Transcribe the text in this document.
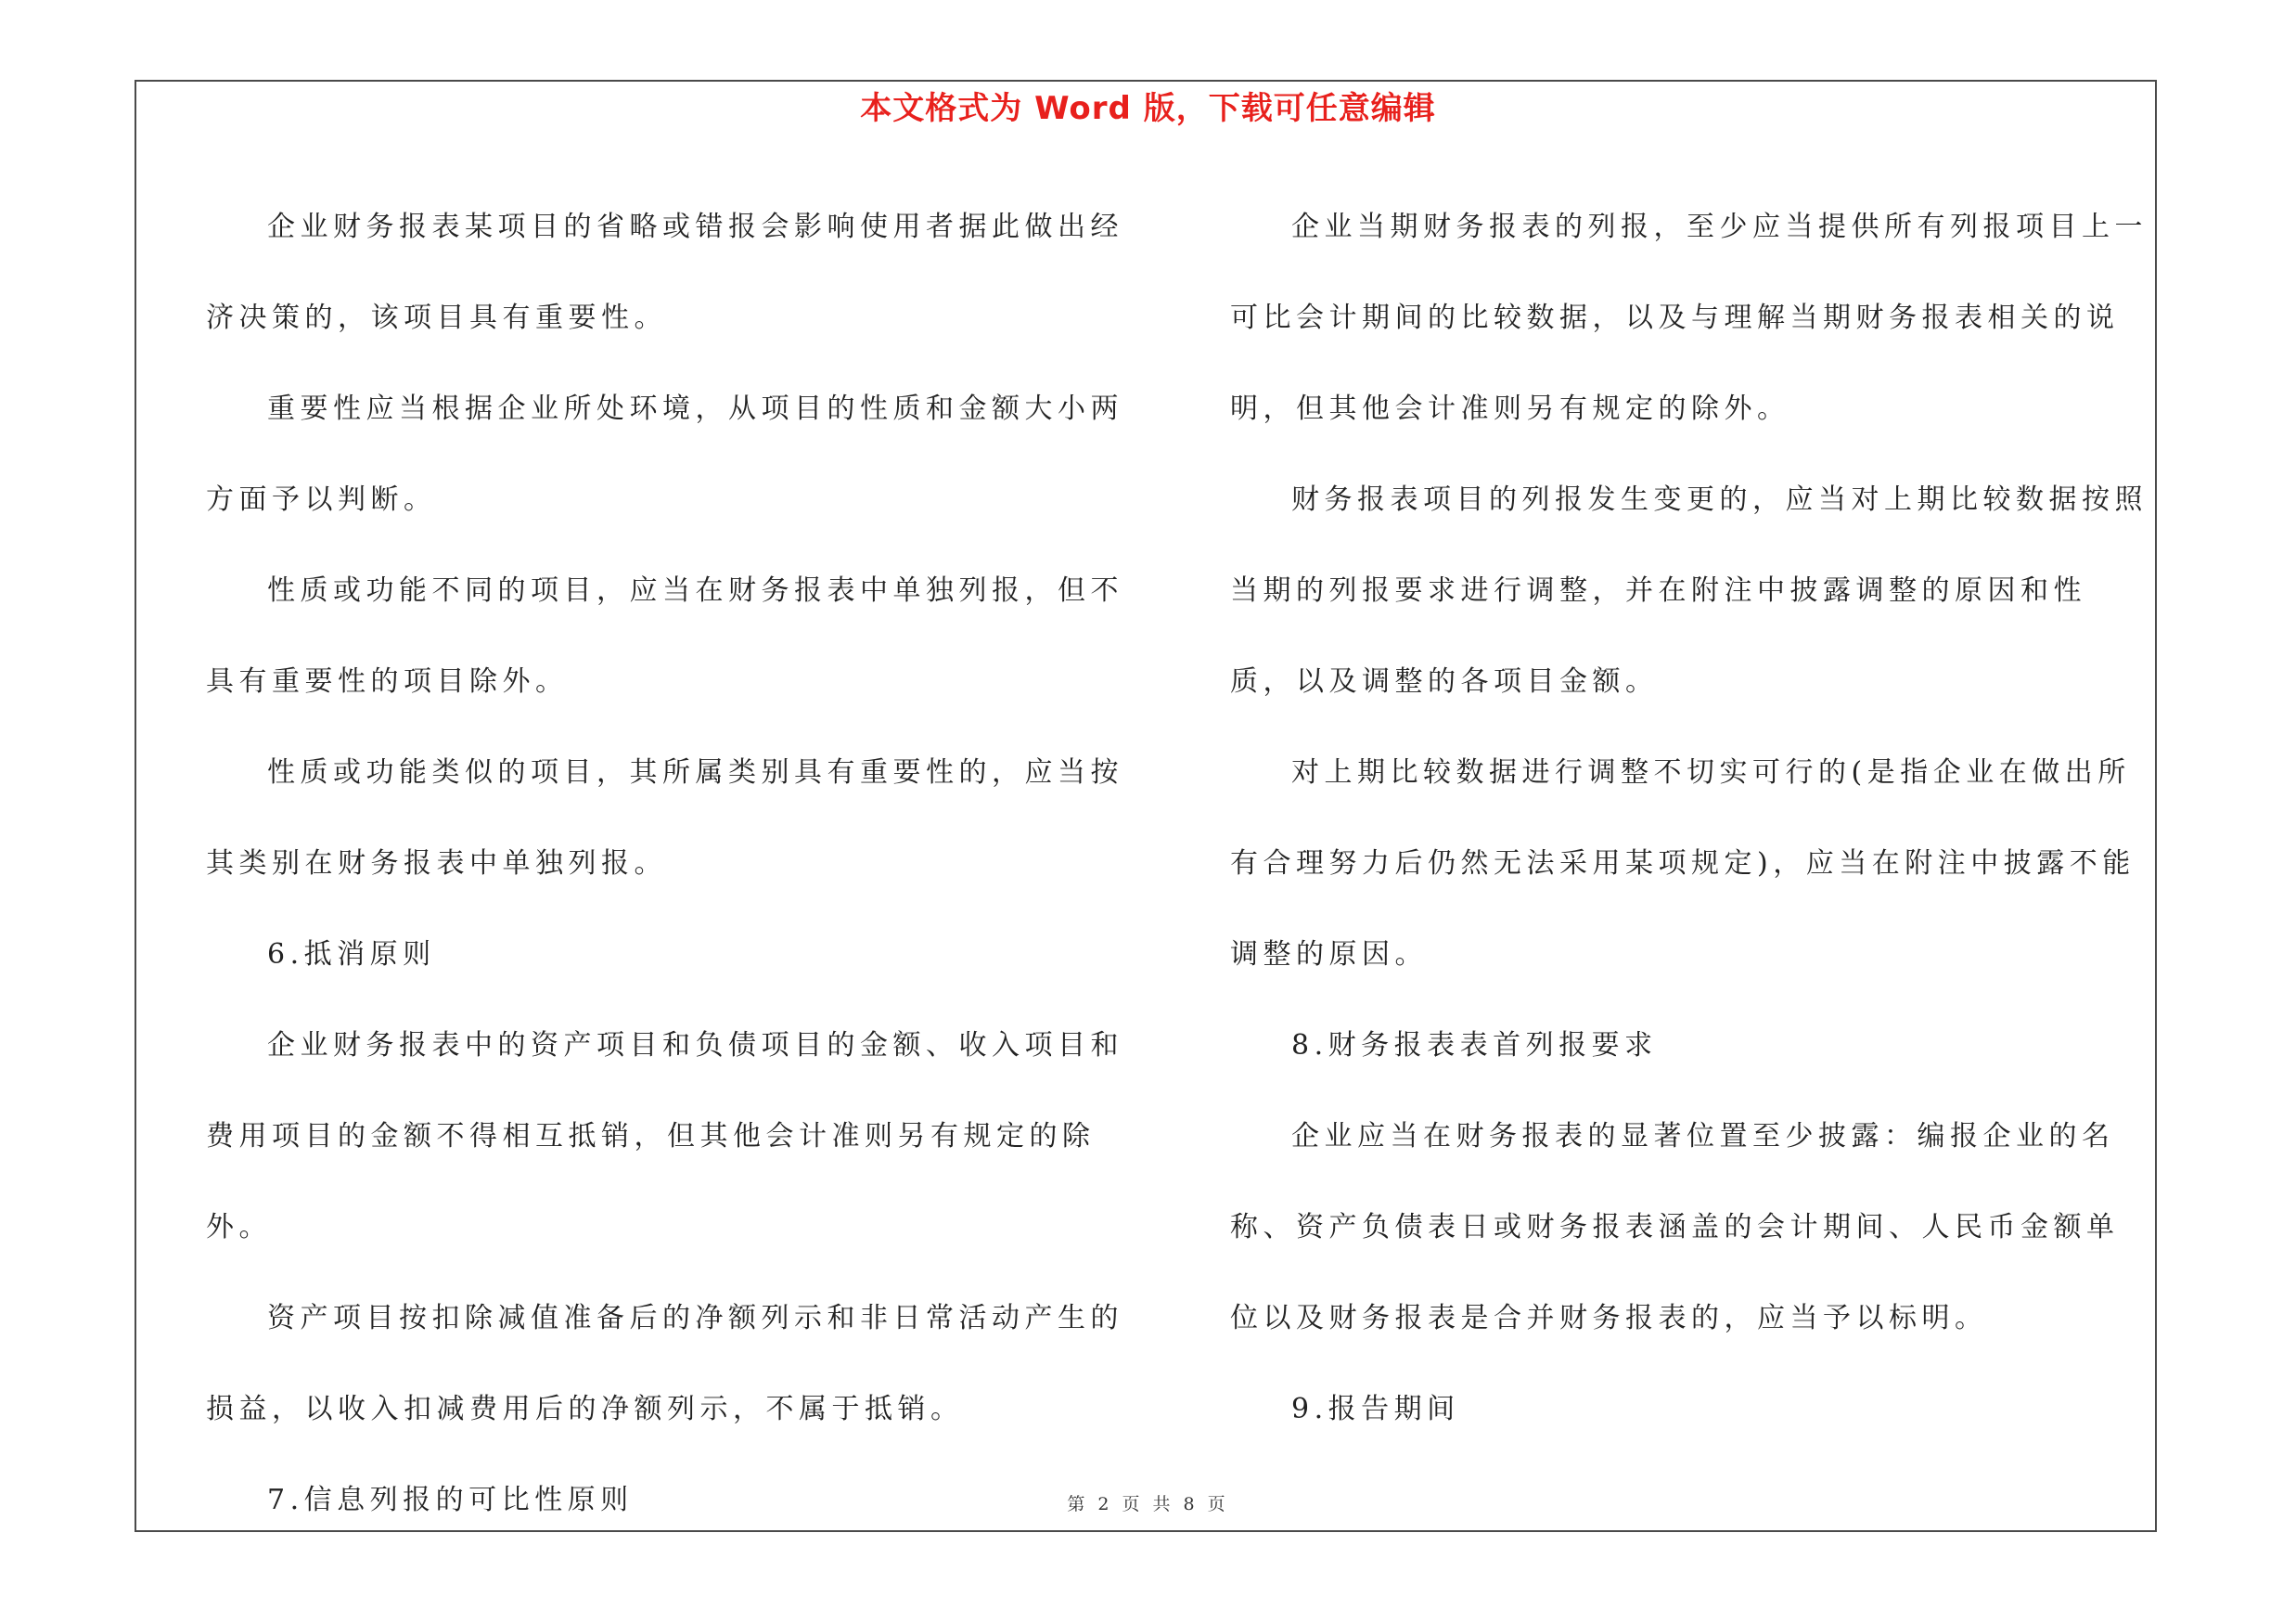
本文格式为 Word 版，下载可任意编辑

企业财务报表某项目的省略或错报会影响使用者据此做出经济决策的，该项目具有重要性。

重要性应当根据企业所处环境，从项目的性质和金额大小两方面予以判断。

性质或功能不同的项目，应当在财务报表中单独列报，但不具有重要性的项目除外。

性质或功能类似的项目，其所属类别具有重要性的，应当按其类别在财务报表中单独列报。

6.抵消原则

企业财务报表中的资产项目和负债项目的金额、收入项目和费用项目的金额不得相互抵销，但其他会计准则另有规定的除外。

资产项目按扣除减值准备后的净额列示和非日常活动产生的损益，以收入扣减费用后的净额列示，不属于抵销。

7.信息列报的可比性原则

企业当期财务报表的列报，至少应当提供所有列报项目上一可比会计期间的比较数据，以及与理解当期财务报表相关的说明，但其他会计准则另有规定的除外。

财务报表项目的列报发生变更的，应当对上期比较数据按照当期的列报要求进行调整，并在附注中披露调整的原因和性质，以及调整的各项目金额。

对上期比较数据进行调整不切实可行的(是指企业在做出所有合理努力后仍然无法采用某项规定)，应当在附注中披露不能调整的原因。

8.财务报表表首列报要求

企业应当在财务报表的显著位置至少披露：编报企业的名称、资产负债表日或财务报表涵盖的会计期间、人民币金额单位以及财务报表是合并财务报表的，应当予以标明。

9.报告期间

第 2 页 共 8 页
